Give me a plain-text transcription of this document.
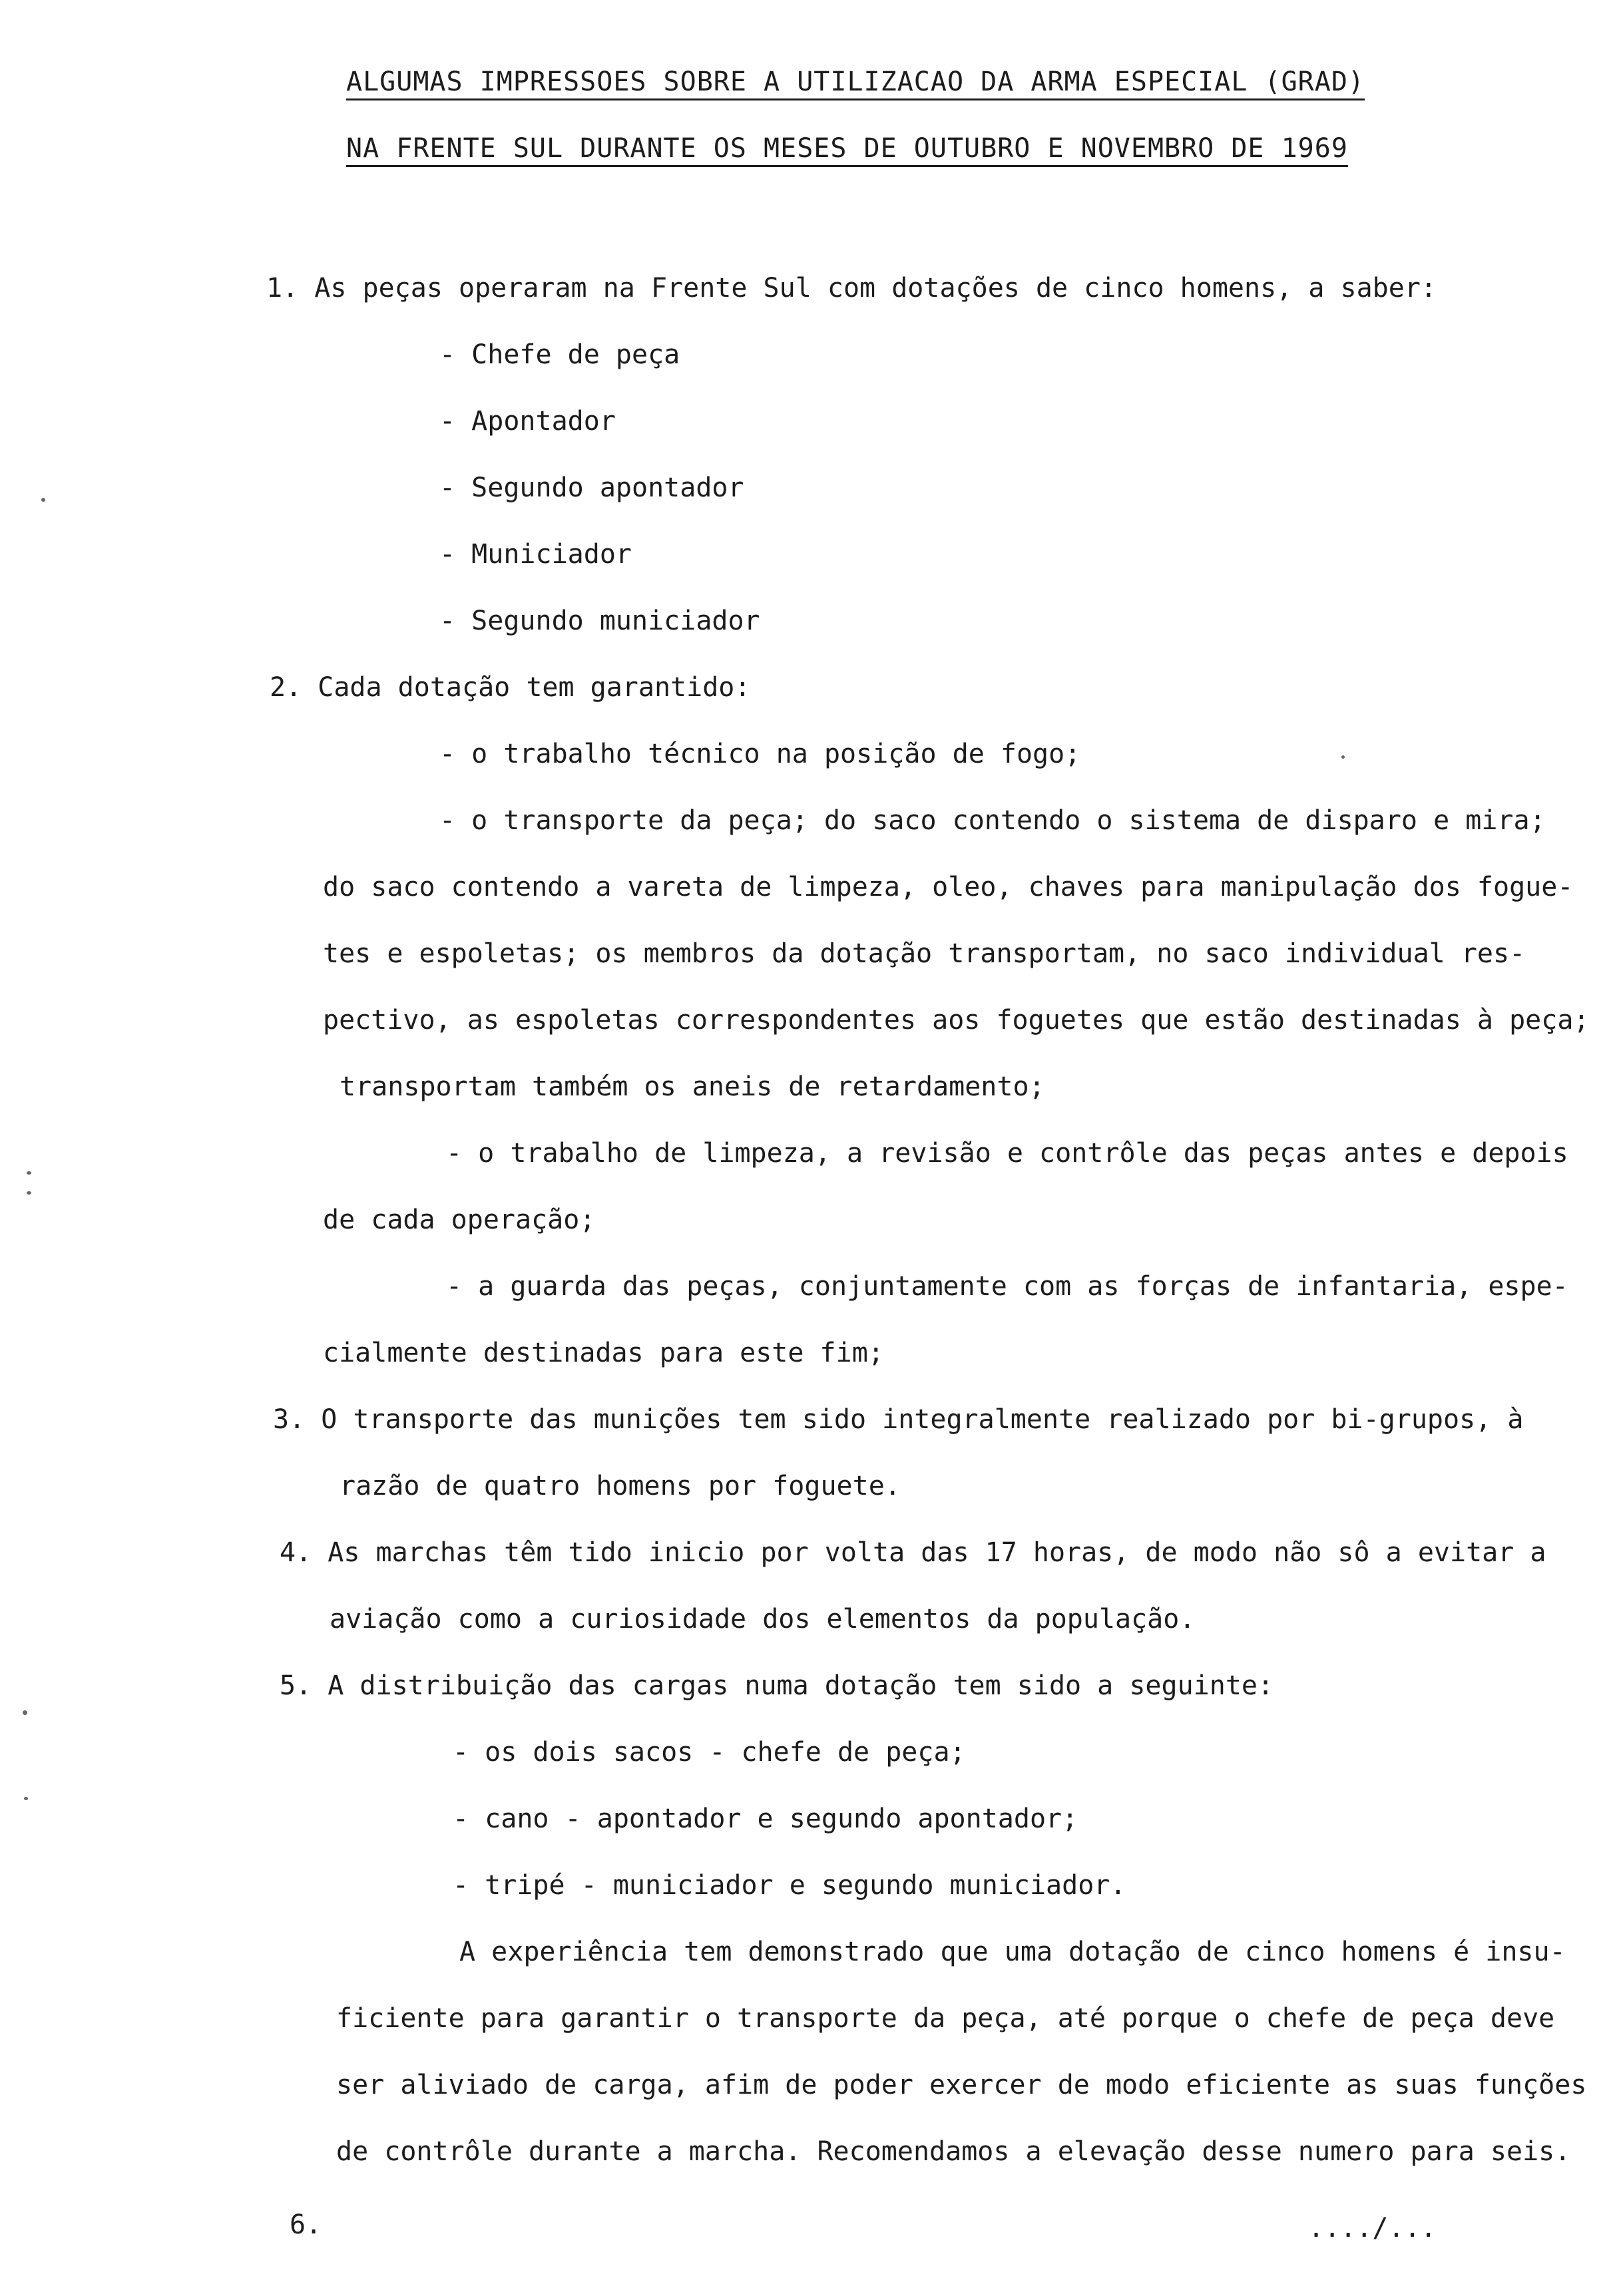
ALGUMAS IMPRESSOES SOBRE A UTILIZACAO DA ARMA ESPECIAL (GRAD)
NA FRENTE SUL DURANTE OS MESES DE OUTUBRO E NOVEMBRO DE 1969
1. As peças operaram na Frente Sul com dotações de cinco homens, a saber:
- Chefe de peça
- Apontador
- Segundo apontador
- Municiador
- Segundo municiador
2. Cada dotação tem garantido:
- o trabalho técnico na posição de fogo;
- o transporte da peça; do saco contendo o sistema de disparo e mira;
do saco contendo a vareta de limpeza, oleo, chaves para manipulação dos fogue-
tes e espoletas; os membros da dotação transportam, no saco individual res-
pectivo, as espoletas correspondentes aos foguetes que estão destinadas à peça;
transportam também os aneis de retardamento;
- o trabalho de limpeza, a revisão e contrôle das peças antes e depois
de cada operação;
- a guarda das peças, conjuntamente com as forças de infantaria, espe-
cialmente destinadas para este fim;
3. O transporte das munições tem sido integralmente realizado por bi-grupos, à
razão de quatro homens por foguete.
4. As marchas têm tido inicio por volta das 17 horas, de modo não sô a evitar a
aviação como a curiosidade dos elementos da população.
5. A distribuição das cargas numa dotação tem sido a seguinte:
- os dois sacos - chefe de peça;
- cano - apontador e segundo apontador;
- tripé - municiador e segundo municiador.
A experiência tem demonstrado que uma dotação de cinco homens é insu-
ficiente para garantir o transporte da peça, até porque o chefe de peça deve
ser aliviado de carga, afim de poder exercer de modo eficiente as suas funções
de contrôle durante a marcha. Recomendamos a elevação desse numero para seis.
6.	..../...
